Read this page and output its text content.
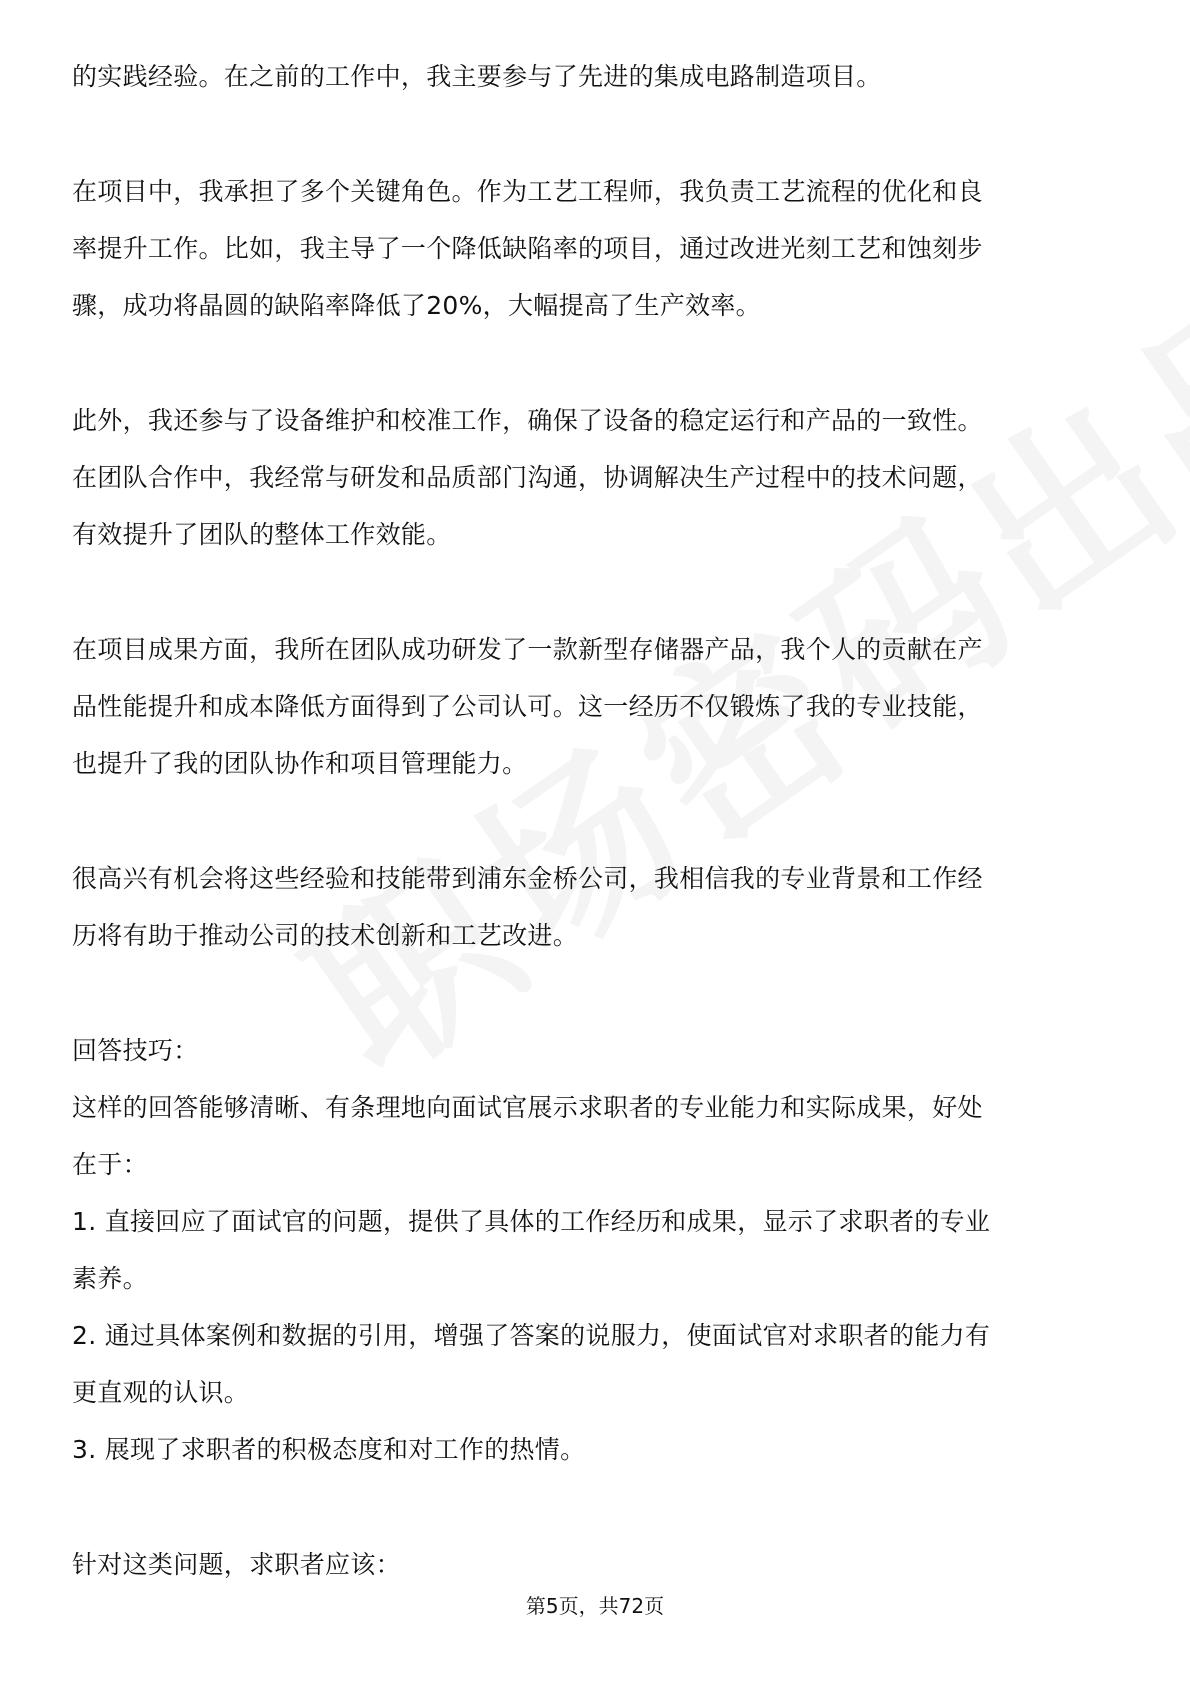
的实践经验。在之前的工作中，我主要参与了先进的集成电路制造项目。
在项目中，我承担了多个关键角色。作为工艺工程师，我负责工艺流程的优化和良
率提升工作。比如，我主导了一个降低缺陷率的项目，通过改进光刻工艺和蚀刻步
骤，成功将晶圆的缺陷率降低了20%，大幅提高了生产效率。
此外，我还参与了设备维护和校准工作，确保了设备的稳定运行和产品的一致性。
在团队合作中，我经常与研发和品质部门沟通，协调解决生产过程中的技术问题，
有效提升了团队的整体工作效能。
在项目成果方面，我所在团队成功研发了一款新型存储器产品，我个人的贡献在产
品性能提升和成本降低方面得到了公司认可。这一经历不仅锻炼了我的专业技能，
也提升了我的团队协作和项目管理能力。
很高兴有机会将这些经验和技能带到浦东金桥公司，我相信我的专业背景和工作经
历将有助于推动公司的技术创新和工艺改进。
回答技巧：
这样的回答能够清晰、有条理地向面试官展示求职者的专业能力和实际成果，好处
在于：
1. 直接回应了面试官的问题，提供了具体的工作经历和成果，显示了求职者的专业
素养。
2. 通过具体案例和数据的引用，增强了答案的说服力，使面试官对求职者的能力有
更直观的认识。
3. 展现了求职者的积极态度和对工作的热情。
针对这类问题，求职者应该：
第5页，共72页
